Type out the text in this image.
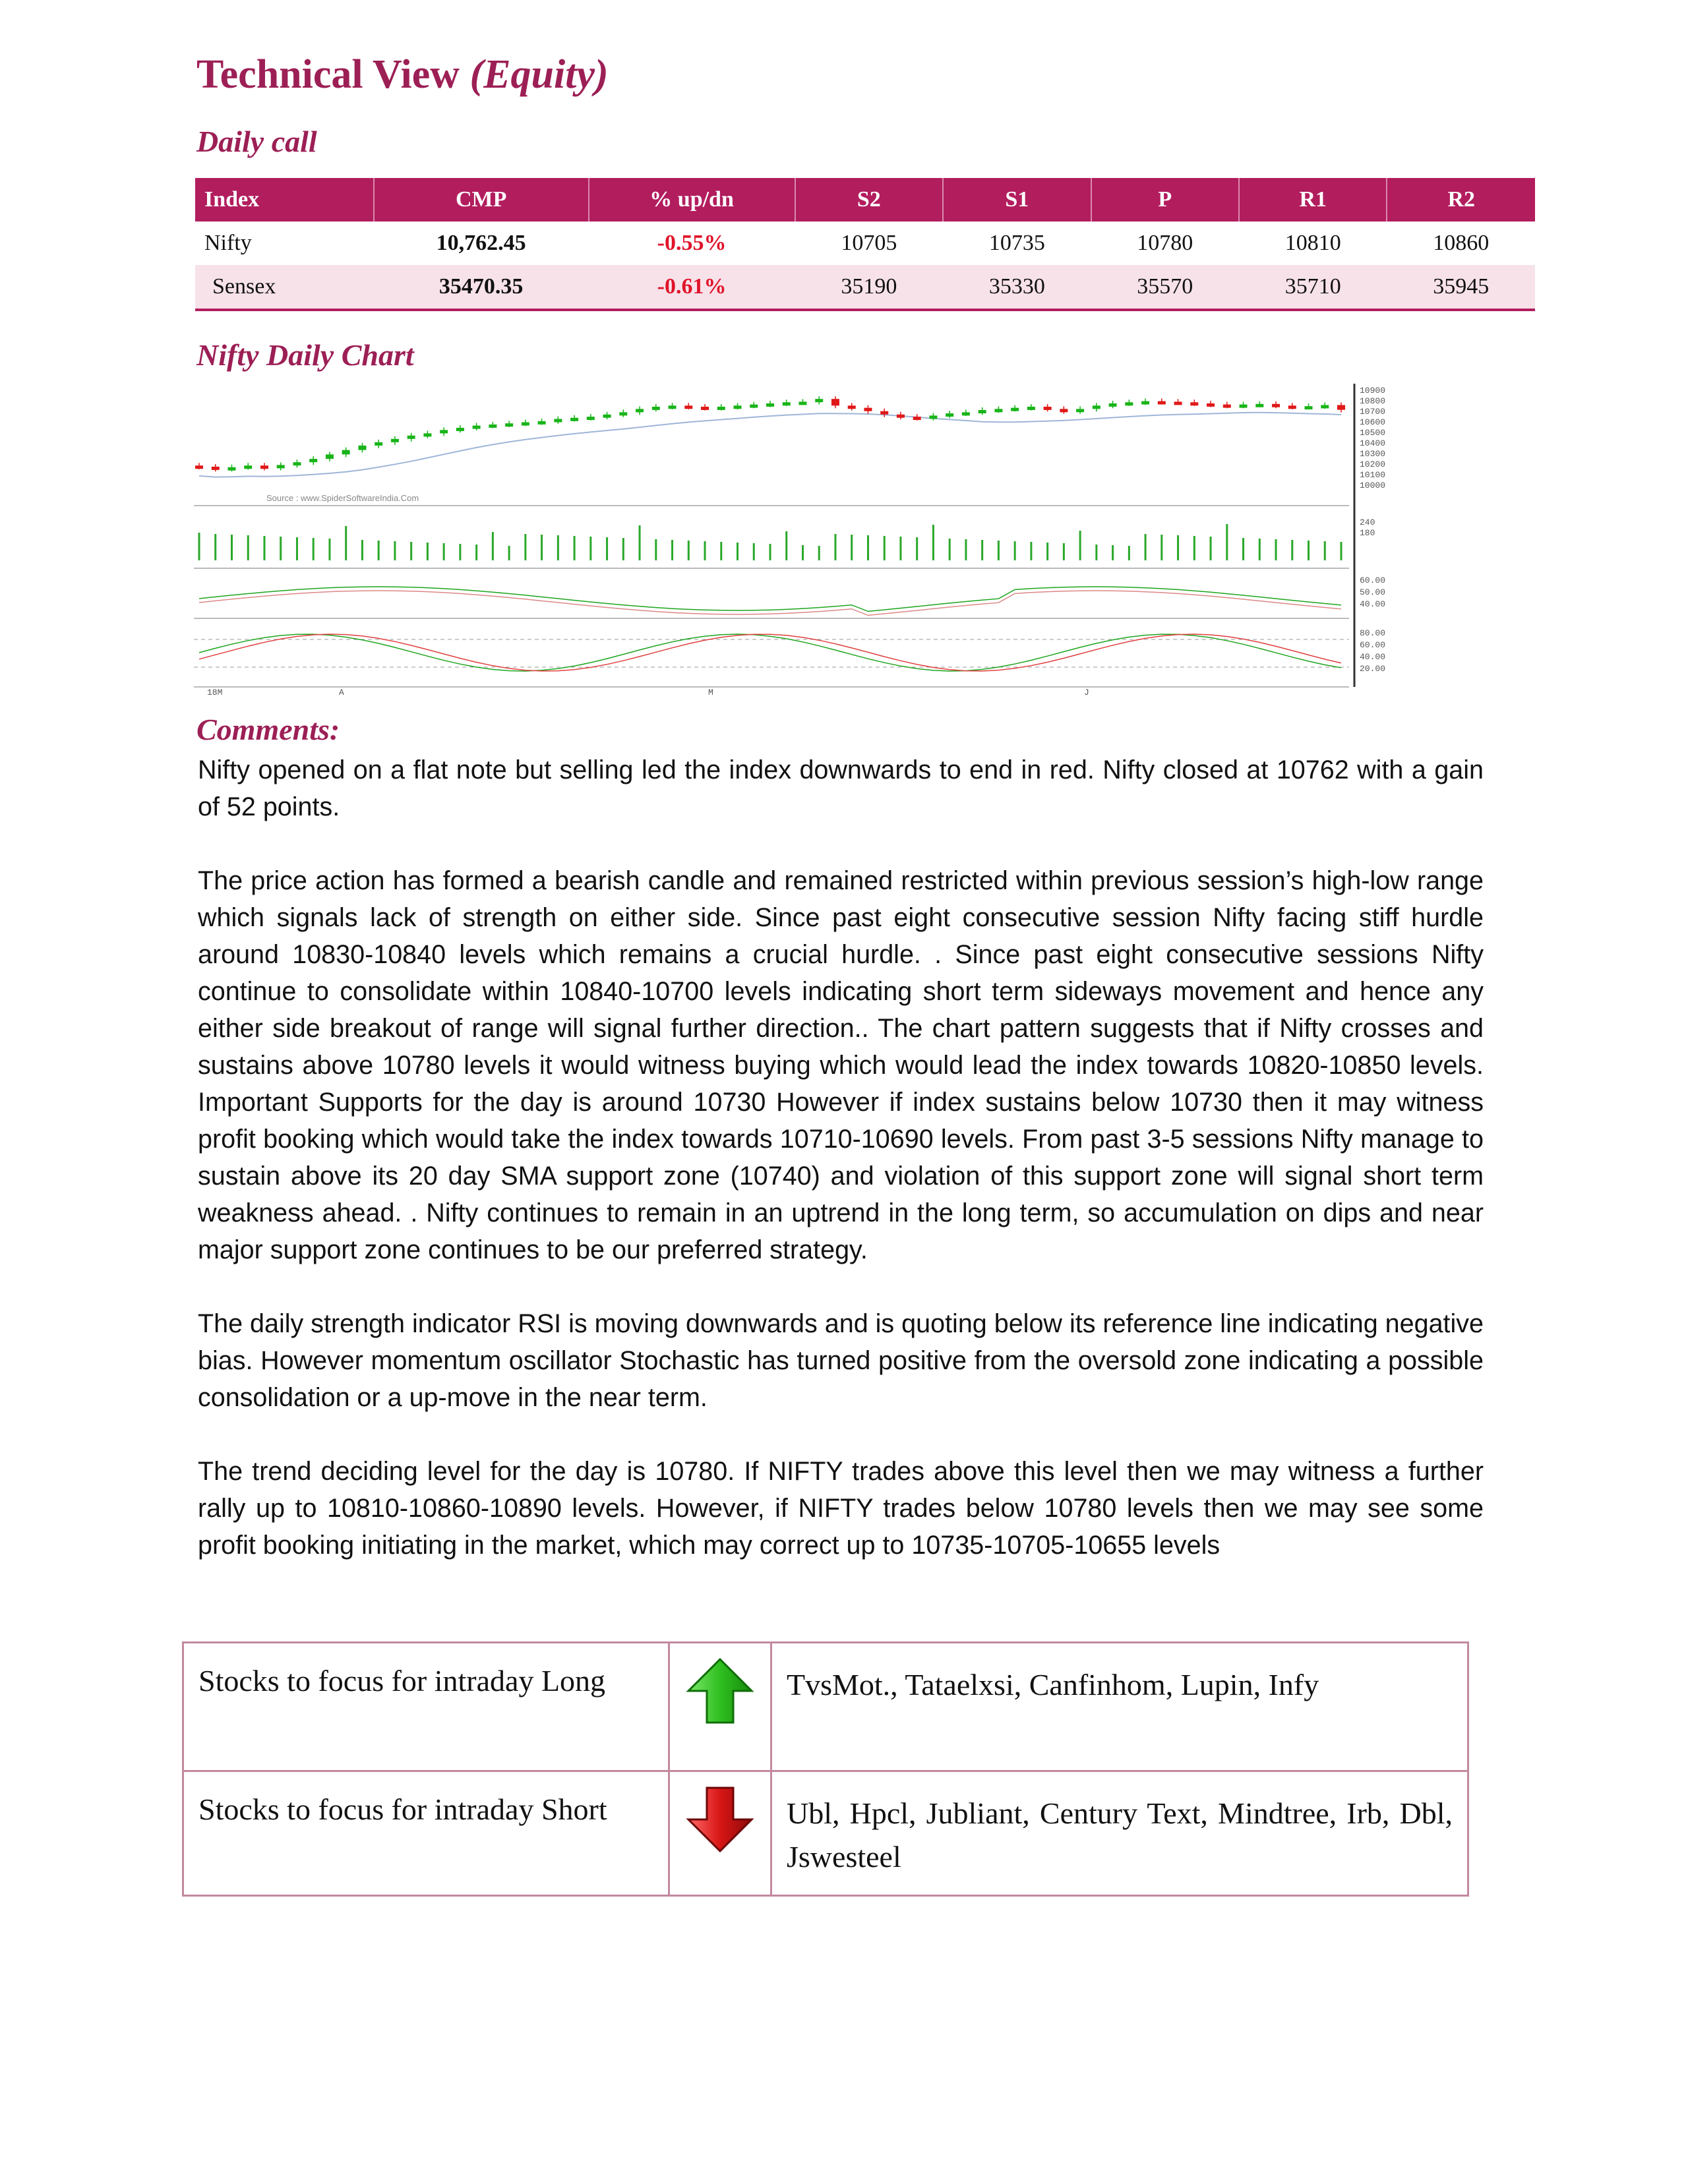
Technical View (Equity)
Daily call
Index	CMP	% up/dn	S2	S1	P	R1	R2
Nifty	10,762.45	-0.55%	10705	10735	10780	10810	10860
Sensex	35470.35	-0.61%	35190	35330	35570	35710	35945
Nifty Daily Chart
10900
10800
10700
10600
10500
10400
10300
10200
10100
10000
240
180
60.00
50.00
40.00
80.00
60.00
40.00
20.00
18M	A	M	J
Source : www.SpiderSoftwareIndia.Com
Comments:

Nifty opened on a flat note but selling led the index downwards to end in red. Nifty closed at 10762 with a gain of 52 points.

The price action has formed a bearish candle and remained restricted within previous session’s high-low range which signals lack of strength on either side. Since past eight consecutive session Nifty facing stiff hurdle around 10830-10840 levels which remains a crucial hurdle. . Since past eight consecutive sessions Nifty continue to consolidate within 10840-10700 levels indicating short term sideways movement and hence any either side breakout of range will signal further direction.. The chart pattern suggests that if Nifty crosses and sustains above 10780 levels it would witness buying which would lead the index towards 10820-10850 levels. Important Supports for the day is around 10730 However if index sustains below 10730 then it may witness profit booking which would take the index towards 10710-10690 levels. From past 3-5 sessions Nifty manage to sustain above its 20 day SMA support zone (10740) and violation of this support zone will signal short term weakness ahead. . Nifty continues to remain in an uptrend in the long term, so accumulation on dips and near major support zone continues to be our preferred strategy.

The daily strength indicator RSI is moving downwards and is quoting below its reference line indicating negative bias. However momentum oscillator Stochastic has turned positive from the oversold zone indicating a possible consolidation or a up-move in the near term.

The trend deciding level for the day is 10780. If NIFTY trades above this level then we may witness a further rally up to 10810-10860-10890 levels. However, if NIFTY trades below 10780 levels then we may see some profit booking initiating in the market, which may correct up to 10735-10705-10655 levels

Stocks to focus for intraday Long		TvsMot., Tataelxsi, Canfinhom, Lupin, Infy
Stocks to focus for intraday Short		Ubl, Hpcl, Jubliant, Century Text, Mindtree, Irb, Dbl, Jswesteel
